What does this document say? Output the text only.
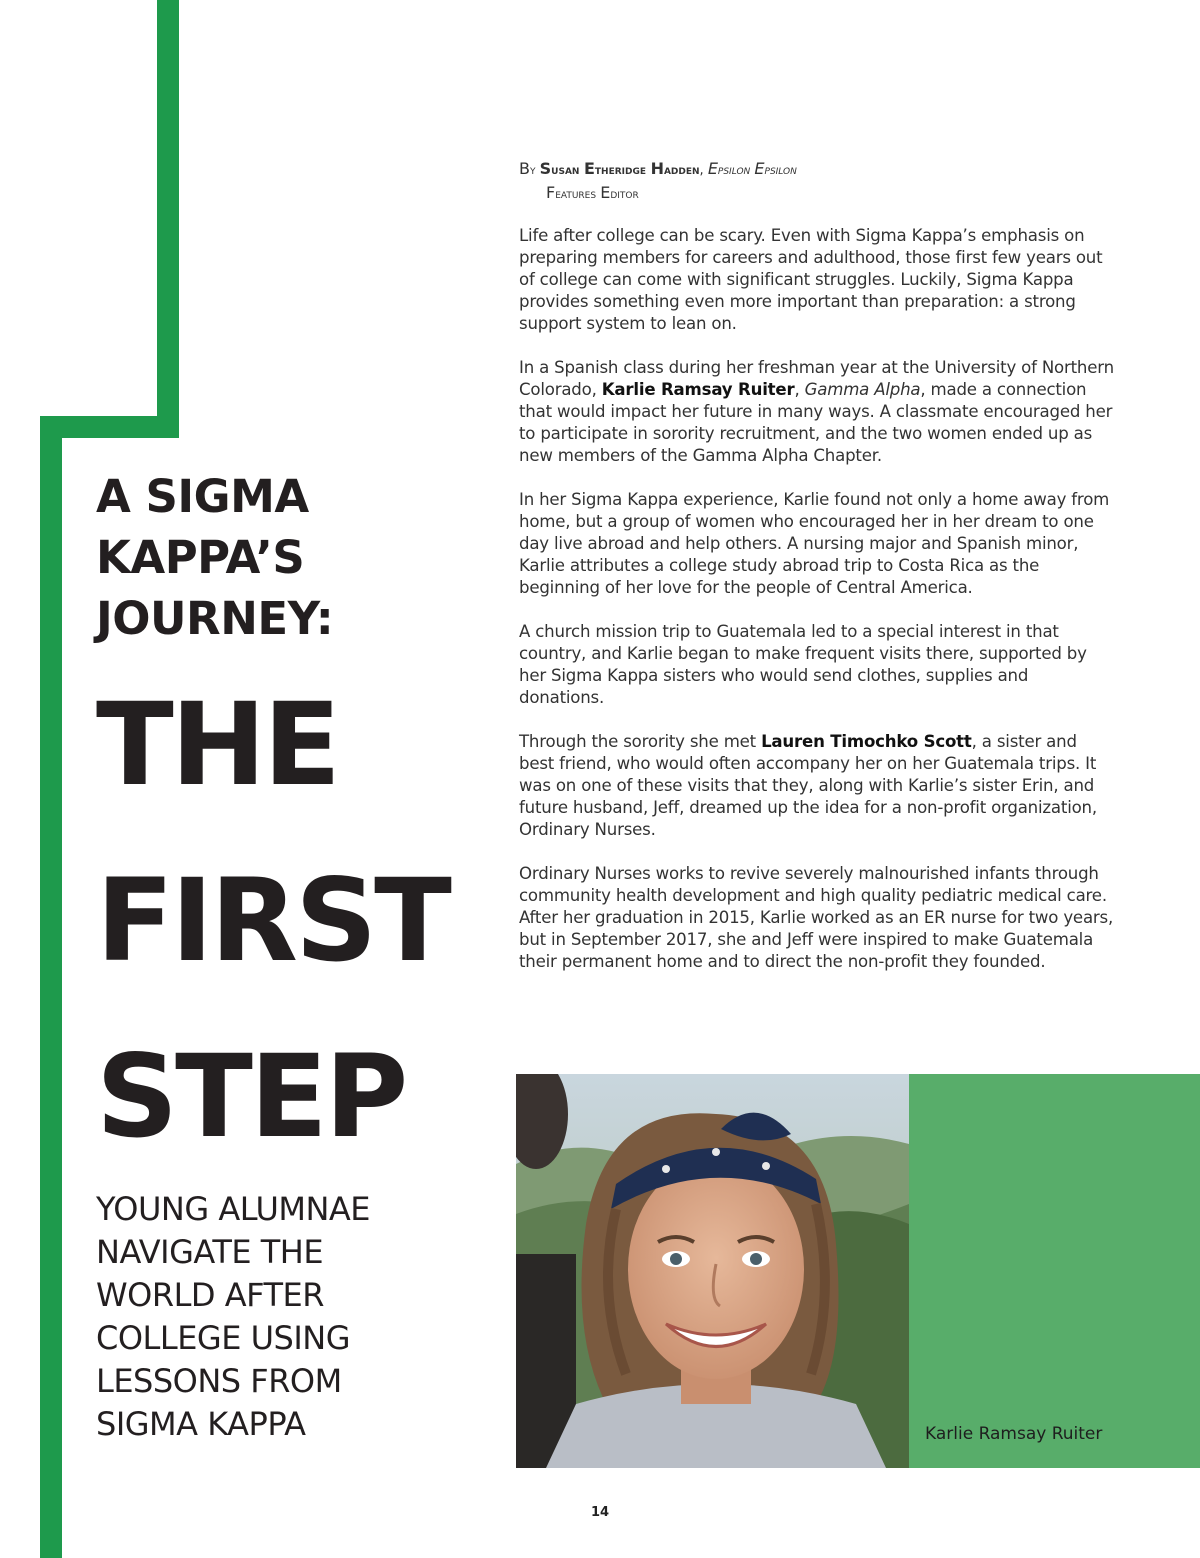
A SIGMA
KAPPA’S
JOURNEY:
THE
FIRST
STEP
YOUNG ALUMNAE
NAVIGATE THE
WORLD AFTER
COLLEGE USING
LESSONS FROM
SIGMA KAPPA
By Susan Etheridge Hadden, Epsilon Epsilon
Features Editor

Life after college can be scary. Even with Sigma Kappa’s emphasis on preparing members for careers and adulthood, those first few years out of college can come with significant struggles. Luckily, Sigma Kappa provides something even more important than preparation: a strong support system to lean on.

In a Spanish class during her freshman year at the University of Northern Colorado, Karlie Ramsay Ruiter, Gamma Alpha, made a connection that would impact her future in many ways. A classmate encouraged her to participate in sorority recruitment, and the two women ended up as new members of the Gamma Alpha Chapter.

In her Sigma Kappa experience, Karlie found not only a home away from home, but a group of women who encouraged her in her dream to one day live abroad and help others. A nursing major and Spanish minor, Karlie attributes a college study abroad trip to Costa Rica as the beginning of her love for the people of Central America.

A church mission trip to Guatemala led to a special interest in that country, and Karlie began to make frequent visits there, supported by her Sigma Kappa sisters who would send clothes, supplies and donations.

Through the sorority she met Lauren Timochko Scott, a sister and best friend, who would often accompany her on her Guatemala trips. It was on one of these visits that they, along with Karlie’s sister Erin, and future husband, Jeff, dreamed up the idea for a non-profit organization, Ordinary Nurses.

Ordinary Nurses works to revive severely malnourished infants through community health development and high quality pediatric medical care. After her graduation in 2015, Karlie worked as an ER nurse for two years, but in September 2017, she and Jeff were inspired to make Guatemala their permanent home and to direct the non-profit they founded.

Karlie Ramsay Ruiter
14
